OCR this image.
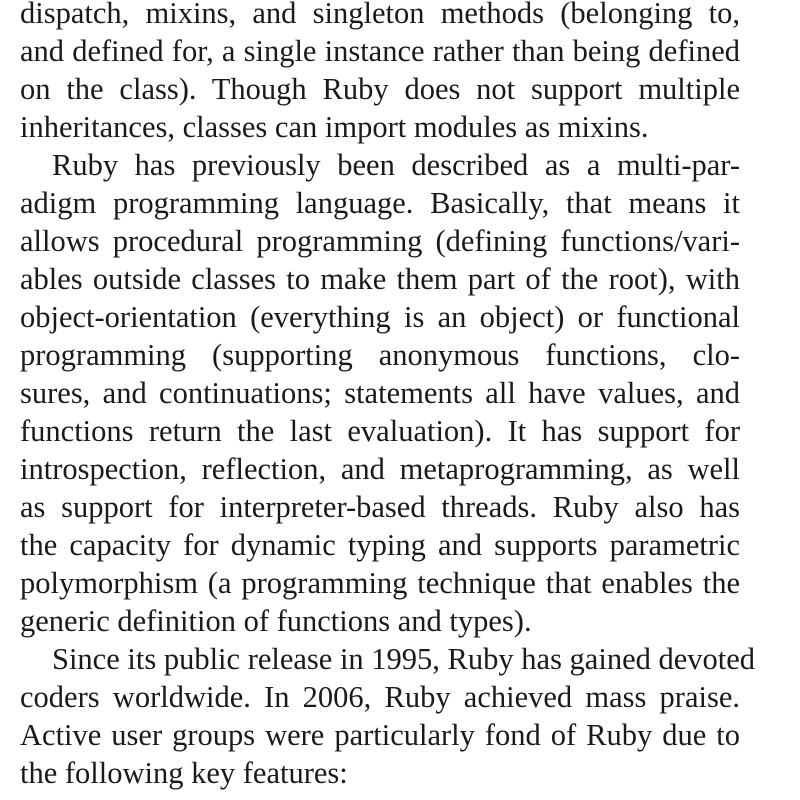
dispatch, mixins, and singleton methods (belonging to,
and defined for, a single instance rather than being defined
on the class). Though Ruby does not support multiple
inheritances, classes can import modules as mixins.
Ruby has previously been described as a multi-par-
adigm programming language. Basically, that means it
allows procedural programming (defining functions/vari-
ables outside classes to make them part of the root), with
object-orientation (everything is an object) or functional
programming (supporting anonymous functions, clo-
sures, and continuations; statements all have values, and
functions return the last evaluation). It has support for
introspection, reflection, and metaprogramming, as well
as support for interpreter-based threads. Ruby also has
the capacity for dynamic typing and supports parametric
polymorphism (a programming technique that enables the
generic definition of functions and types).
Since its public release in 1995, Ruby has gained devoted
coders worldwide. In 2006, Ruby achieved mass praise.
Active user groups were particularly fond of Ruby due to
the following key features:
